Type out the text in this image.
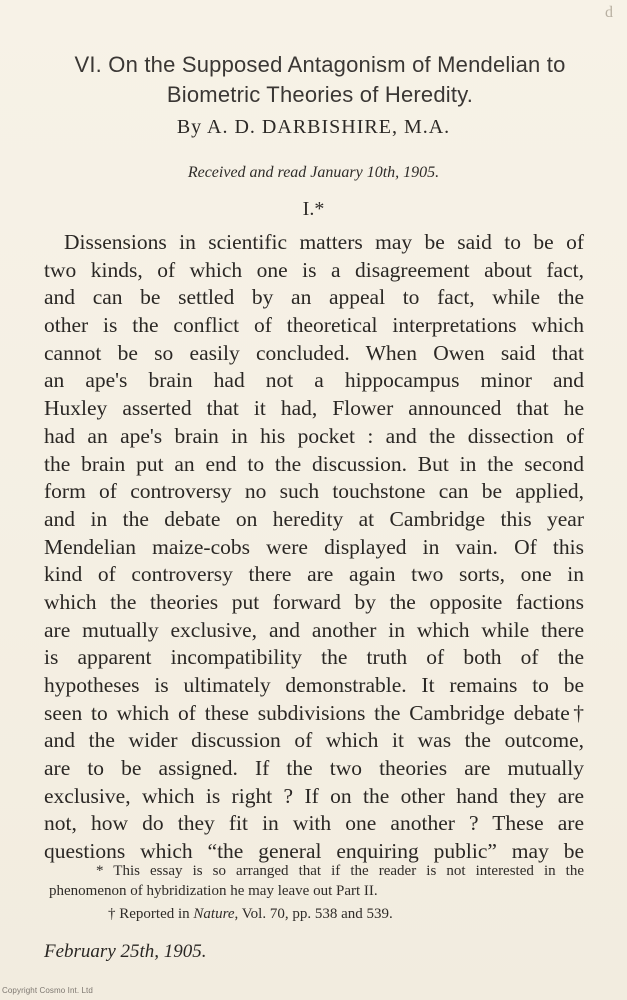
d
VI. On the Supposed Antagonism of Mendelian to
Biometric Theories of Heredity.
By A. D. DARBISHIRE, M.A.
Received and read January 10th, 1905.
I.*
Dissensions in scientific matters may be said to be of
two kinds, of which one is a disagreement about fact,
and can be settled by an appeal to fact, while the
other is the conflict of theoretical interpretations which
cannot be so easily concluded. When Owen said that
an ape's brain had not a hippocampus minor and
Huxley asserted that it had, Flower announced that he
had an ape's brain in his pocket : and the dissection of
the brain put an end to the discussion. But in the second
form of controversy no such touchstone can be applied,
and in the debate on heredity at Cambridge this year
Mendelian maize-cobs were displayed in vain. Of this
kind of controversy there are again two sorts, one in
which the theories put forward by the opposite factions
are mutually exclusive, and another in which while there
is apparent incompatibility the truth of both of the
hypotheses is ultimately demonstrable. It remains to be
seen to which of these subdivisions the Cambridge debate†
and the wider discussion of which it was the outcome,
are to be assigned. If the two theories are mutually
exclusive, which is right ? If on the other hand they are
not, how do they fit in with one another ? These are
questions which “the general enquiring public” may be
* This essay is so arranged that if the reader is not interested in the
phenomenon of hybridization he may leave out Part II.
† Reported in Nature, Vol. 70, pp. 538 and 539.
February 25th, 1905.
Copyright Cosmo Int. Ltd
